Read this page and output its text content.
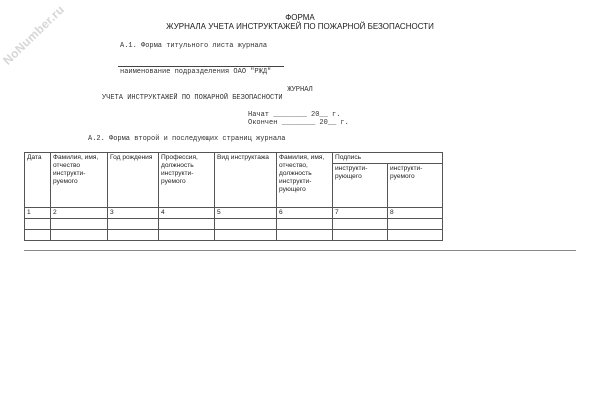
NoNumber.ru	ФОРМА
ЖУРНАЛА УЧЕТА ИНСТРУКТАЖЕЙ ПО ПОЖАРНОЙ БЕЗОПАСНОСТИ
А.1. Форма титульного листа журнала
наименование подразделения ОАО "РЖД"
ЖУРНАЛ
УЧЕТА ИНСТРУКТАЖЕЙ ПО ПОЖАРНОЙ БЕЗОПАСНОСТИ
Начат ________ 20__ г.
Окончен ________ 20__ г.
А.2. Форма второй и последующих страниц журнала
Дата	Фамилия, имя, отчество инструкти-руемого	Год рождения	Профессия, должность инструкти-руемого	Вид инструктажа	Фамилия, имя, отчество, должность инструкти-рующего	Подпись	
						инструкти-рующего	инструкти-руемого
1	2	3	4	5	6	7	8
